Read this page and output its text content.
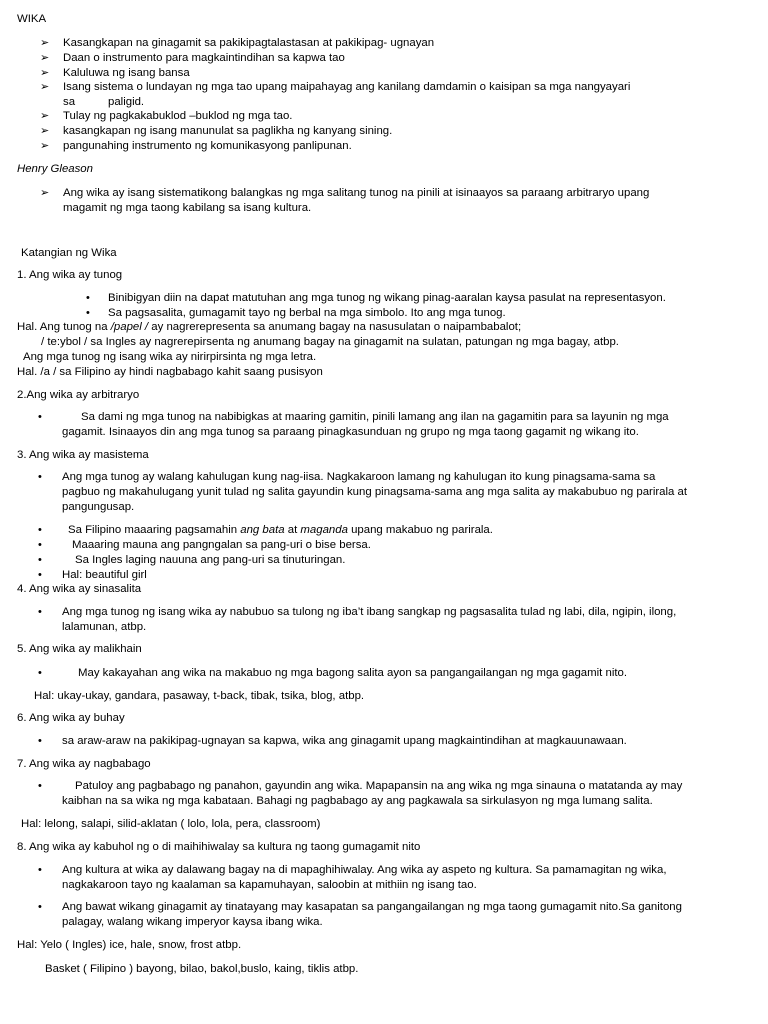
WIKA
➢ Kasangkapan na ginagamit sa pakikipagtalastasan at pakikipag- ugnayan
➢ Daan o instrumento para magkaintindihan sa kapwa tao
➢ Kaluluwa ng isang bansa
➢ Isang sistema o lundayan ng mga tao upang maipahayag ang kanilang damdamin o kaisipan sa mga nangyayari
sa	paligid.
➢ Tulay ng pagkakabuklod –buklod ng mga tao.
➢ kasangkapan ng isang manunulat sa paglikha ng kanyang sining.
➢ pangunahing instrumento ng komunikasyong panlipunan.
Henry Gleason
➢ Ang wika ay isang sistematikong balangkas ng mga salitang tunog na pinili at isinaayos sa paraang arbitraryo upang
magamit ng mga taong kabilang sa isang kultura.
Katangian ng Wika
1. Ang wika ay tunog
• Binibigyan diin na dapat matutuhan ang mga tunog ng wikang pinag-aaralan kaysa pasulat na representasyon.
• Sa pagsasalita, gumagamit tayo ng berbal na mga simbolo. Ito ang mga tunog.
Hal. Ang tunog na /papel / ay nagrerepresenta sa anumang bagay na nasusulatan o naipambabalot;
/ te:ybol / sa Ingles ay nagrerepirsenta ng anumang bagay na ginagamit na sulatan, patungan ng mga bagay, atbp.
Ang mga tunog ng isang wika ay nirirpirsinta ng mga letra.
Hal. /a / sa Filipino ay hindi nagbabago kahit saang pusisyon
2.Ang wika ay arbitraryo
•	Sa dami ng mga tunog na nabibigkas at maaring gamitin, pinili lamang ang ilan na gagamitin para sa layunin ng mga
gagamit. Isinaayos din ang mga tunog sa paraang pinagkasunduan ng grupo ng mga taong gagamit ng wikang ito.
3. Ang wika ay masistema
• Ang mga tunog ay walang kahulugan kung nag-iisa. Nagkakaroon lamang ng kahulugan ito kung pinagsama-sama sa
pagbuo ng makahulugang yunit tulad ng salita gayundin kung pinagsama-sama ang mga salita ay makabubuo ng parirala at
pangungusap.
• Sa Filipino maaaring pagsamahin ang bata at maganda upang makabuo ng parirala.
•	Maaaring mauna ang pangngalan sa pang-uri o bise bersa.
•	Sa Ingles laging nauuna ang pang-uri sa tinuturingan.
• Hal: beautiful girl
4. Ang wika ay sinasalita
• Ang mga tunog ng isang wika ay nabubuo sa tulong ng iba’t ibang sangkap ng pagsasalita tulad ng labi, dila, ngipin, ilong,
lalamunan, atbp.
5. Ang wika ay malikhain
•	May kakayahan ang wika na makabuo ng mga bagong salita ayon sa pangangailangan ng mga gagamit nito.
Hal: ukay-ukay, gandara, pasaway, t-back, tibak, tsika, blog, atbp.
6. Ang wika ay buhay
• sa araw-araw na pakikipag-ugnayan sa kapwa, wika ang ginagamit upang magkaintindihan at magkauunawaan.
7. Ang wika ay nagbabago
•	Patuloy ang pagbabago ng panahon, gayundin ang wika. Mapapansin na ang wika ng mga sinauna o matatanda ay may
kaibhan na sa wika ng mga kabataan. Bahagi ng pagbabago ay ang pagkawala sa sirkulasyon ng mga lumang salita.
Hal: lelong, salapi, silid-aklatan ( lolo, lola, pera, classroom)
8. Ang wika ay kabuhol ng o di maihihiwalay sa kultura ng taong gumagamit nito
• Ang kultura at wika ay dalawang bagay na di mapaghihiwalay. Ang wika ay aspeto ng kultura. Sa pamamagitan ng wika,
nagkakaroon tayo ng kaalaman sa kapamuhayan, saloobin at mithiin ng isang tao.
• Ang bawat wikang ginagamit ay tinatayang may kasapatan sa pangangailangan ng mga taong gumagamit nito.Sa ganitong
palagay, walang wikang imperyor kaysa ibang wika.
Hal: Yelo ( Ingles) ice, hale, snow, frost atbp.
Basket ( Filipino ) bayong, bilao, bakol,buslo, kaing, tiklis atbp.
